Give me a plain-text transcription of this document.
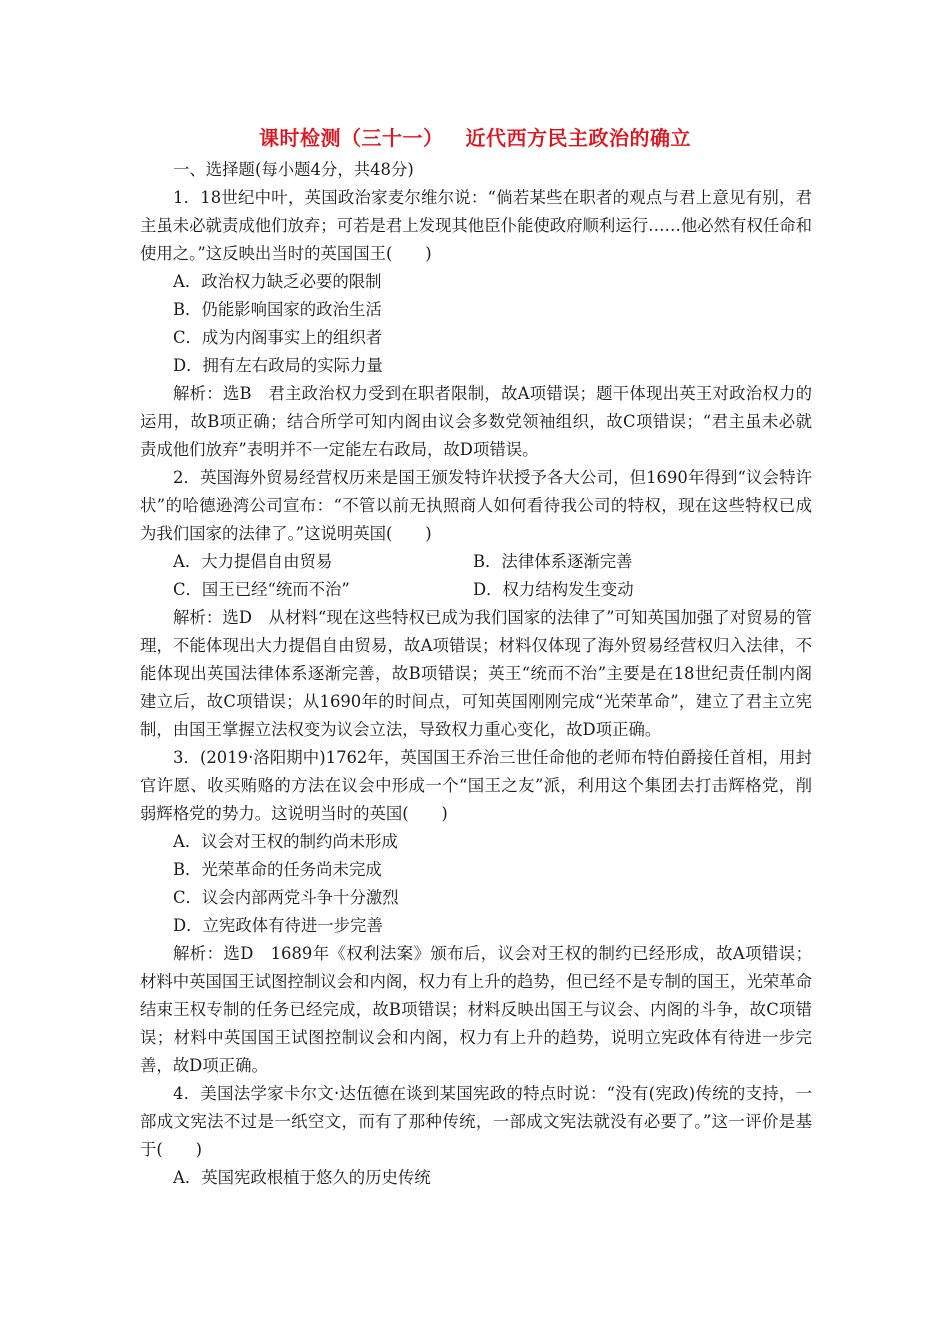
课时检测（三十一） 近代西方民主政治的确立

一、选择题(每小题4分，共48分)

1．18世纪中叶，英国政治家麦尔维尔说：“倘若某些在职者的观点与君上意见有别，君主虽未必就责成他们放弃；可若是君上发现其他臣仆能使政府顺利运行……他必然有权任命和使用之。”这反映出当时的英国国王(　　)

A．政治权力缺乏必要的限制

B．仍能影响国家的政治生活

C．成为内阁事实上的组织者

D．拥有左右政局的实际力量

解析：选B　君主政治权力受到在职者限制，故A项错误；题干体现出英王对政治权力的运用，故B项正确；结合所学可知内阁由议会多数党领袖组织，故C项错误；“君主虽未必就责成他们放弃”表明并不一定能左右政局，故D项错误。

2．英国海外贸易经营权历来是国王颁发特许状授予各大公司，但1690年得到“议会特许状”的哈德逊湾公司宣布：“不管以前无执照商人如何看待我公司的特权，现在这些特权已成为我们国家的法律了。”这说明英国(　　)

A．大力提倡自由贸易	B．法律体系逐渐完善
C．国王已经“统而不治”	D．权力结构发生变动

解析：选D　从材料“现在这些特权已成为我们国家的法律了”可知英国加强了对贸易的管理，不能体现出大力提倡自由贸易，故A项错误；材料仅体现了海外贸易经营权归入法律，不能体现出英国法律体系逐渐完善，故B项错误；英王“统而不治”主要是在18世纪责任制内阁建立后，故C项错误；从1690年的时间点，可知英国刚刚完成“光荣革命”，建立了君主立宪制，由国王掌握立法权变为议会立法，导致权力重心变化，故D项正确。

3．(2019·洛阳期中)1762年，英国国王乔治三世任命他的老师布特伯爵接任首相，用封官许愿、收买贿赂的方法在议会中形成一个“国王之友”派，利用这个集团去打击辉格党，削弱辉格党的势力。这说明当时的英国(　　)

A．议会对王权的制约尚未形成

B．光荣革命的任务尚未完成

C．议会内部两党斗争十分激烈

D．立宪政体有待进一步完善

解析：选D　1689年《权利法案》颁布后，议会对王权的制约已经形成，故A项错误；材料中英国国王试图控制议会和内阁，权力有上升的趋势，但已经不是专制的国王，光荣革命结束王权专制的任务已经完成，故B项错误；材料反映出国王与议会、内阁的斗争，故C项错误；材料中英国国王试图控制议会和内阁，权力有上升的趋势，说明立宪政体有待进一步完善，故D项正确。

4．美国法学家卡尔文·达伍德在谈到某国宪政的特点时说：“没有(宪政)传统的支持，一部成文宪法不过是一纸空文，而有了那种传统，一部成文宪法就没有必要了。”这一评价是基于(　　)

A．英国宪政根植于悠久的历史传统
